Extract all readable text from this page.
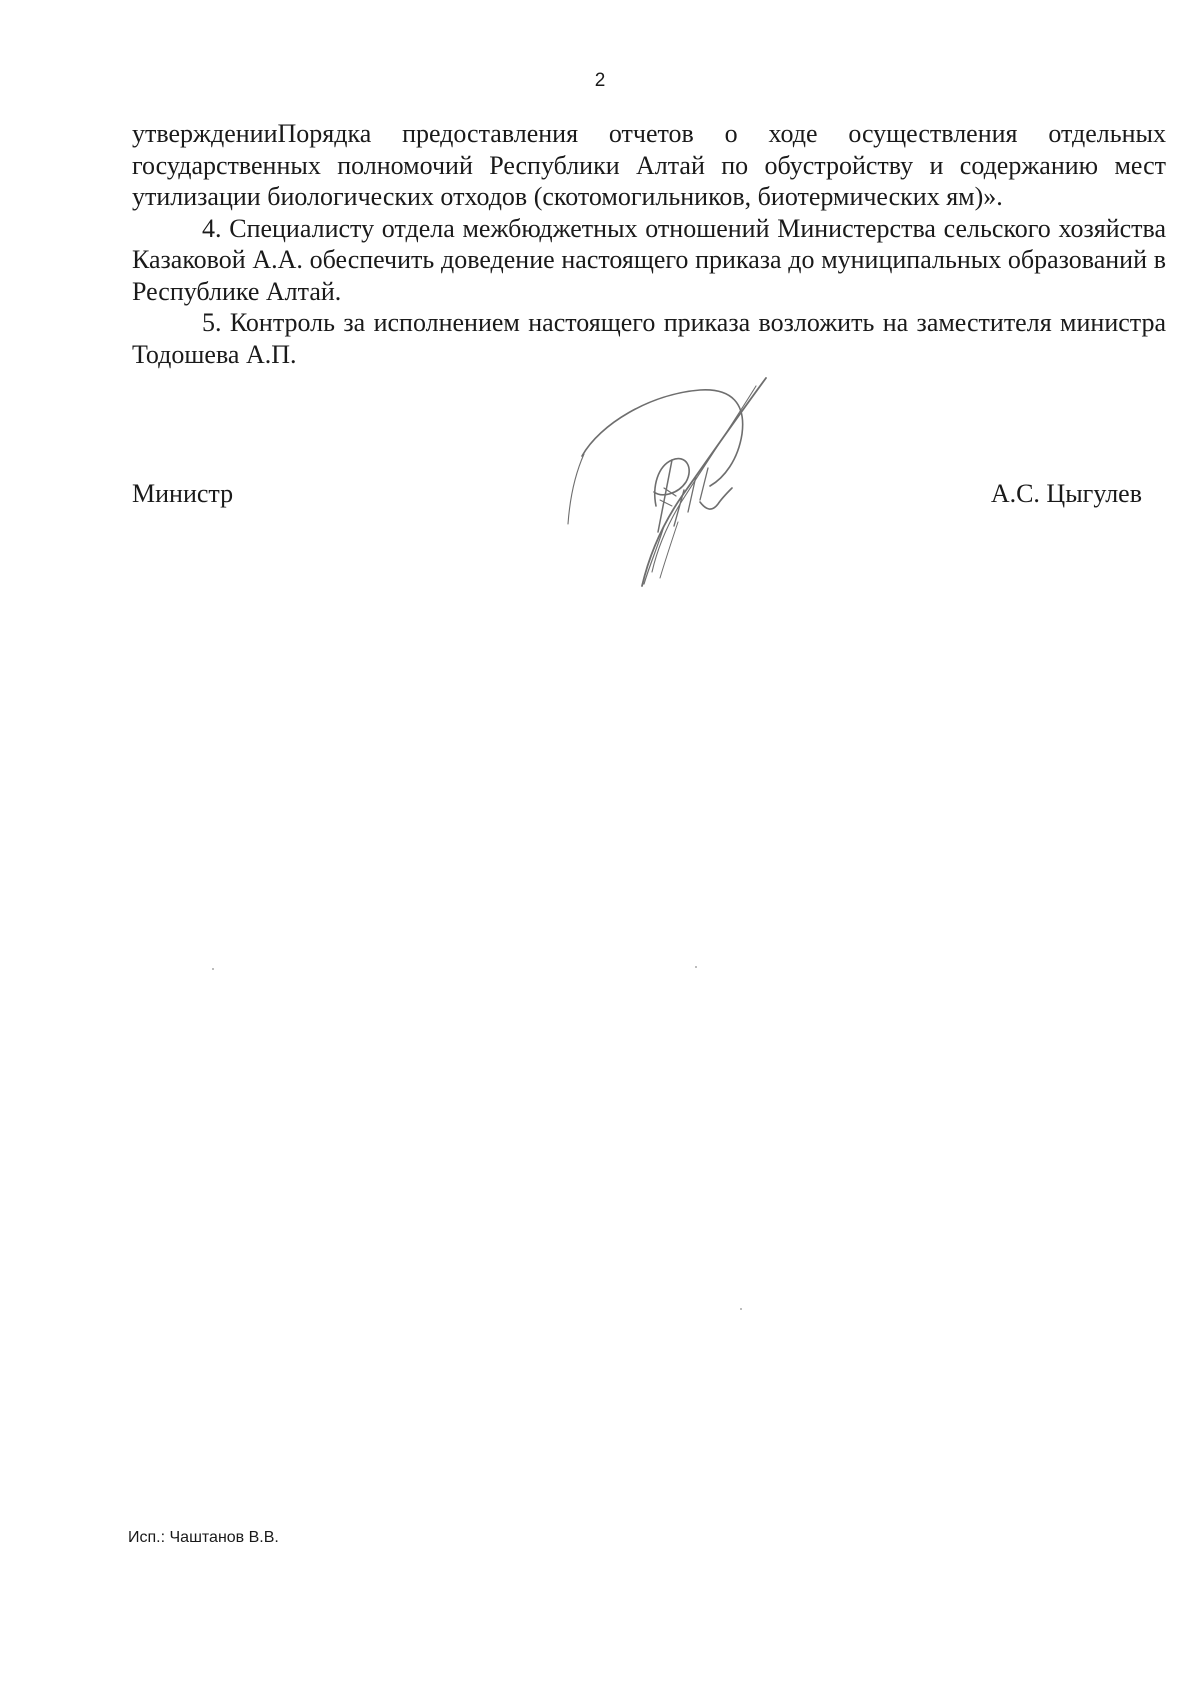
2

утвержденииПорядка предоставления отчетов о ходе осуществления отдельных государственных полномочий Республики Алтай по обустройству и содержанию мест утилизации биологических отходов (скотомогильников, биотермических ям)».

4. Специалисту отдела межбюджетных отношений Министерства сельского хозяйства Казаковой А.А. обеспечить доведение настоящего приказа до муниципальных образований в Республике Алтай.

5. Контроль за исполнением настоящего приказа возложить на заместителя министра Тодошева А.П.

Министр	А.С. Цыгулев
Исп.: Чаштанов В.В.
